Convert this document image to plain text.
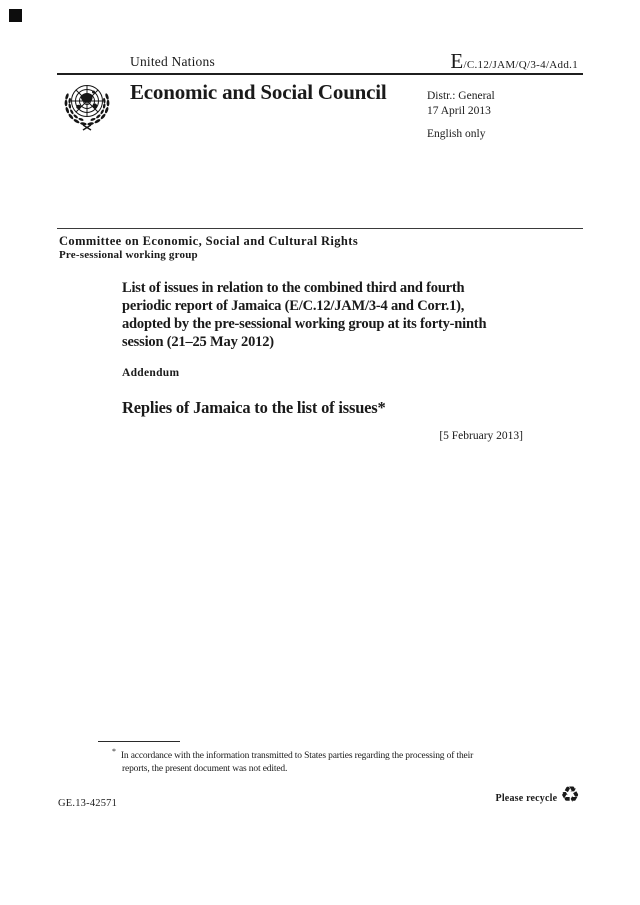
United Nations	E/C.12/JAM/Q/3-4/Add.1
Economic and Social Council	Distr.: General
17 April 2013
English only
Committee on Economic, Social and Cultural Rights
Pre-sessional working group
List of issues in relation to the combined third and fourth
periodic report of Jamaica (E/C.12/JAM/3-4 and Corr.1),
adopted by the pre-sessional working group at its forty-ninth
session (21–25 May 2012)
Addendum
Replies of Jamaica to the list of issues*
[5 February 2013]
* In accordance with the information transmitted to States parties regarding the processing of their
reports, the present document was not edited.
GE.13-42571	Please recycle ♻
